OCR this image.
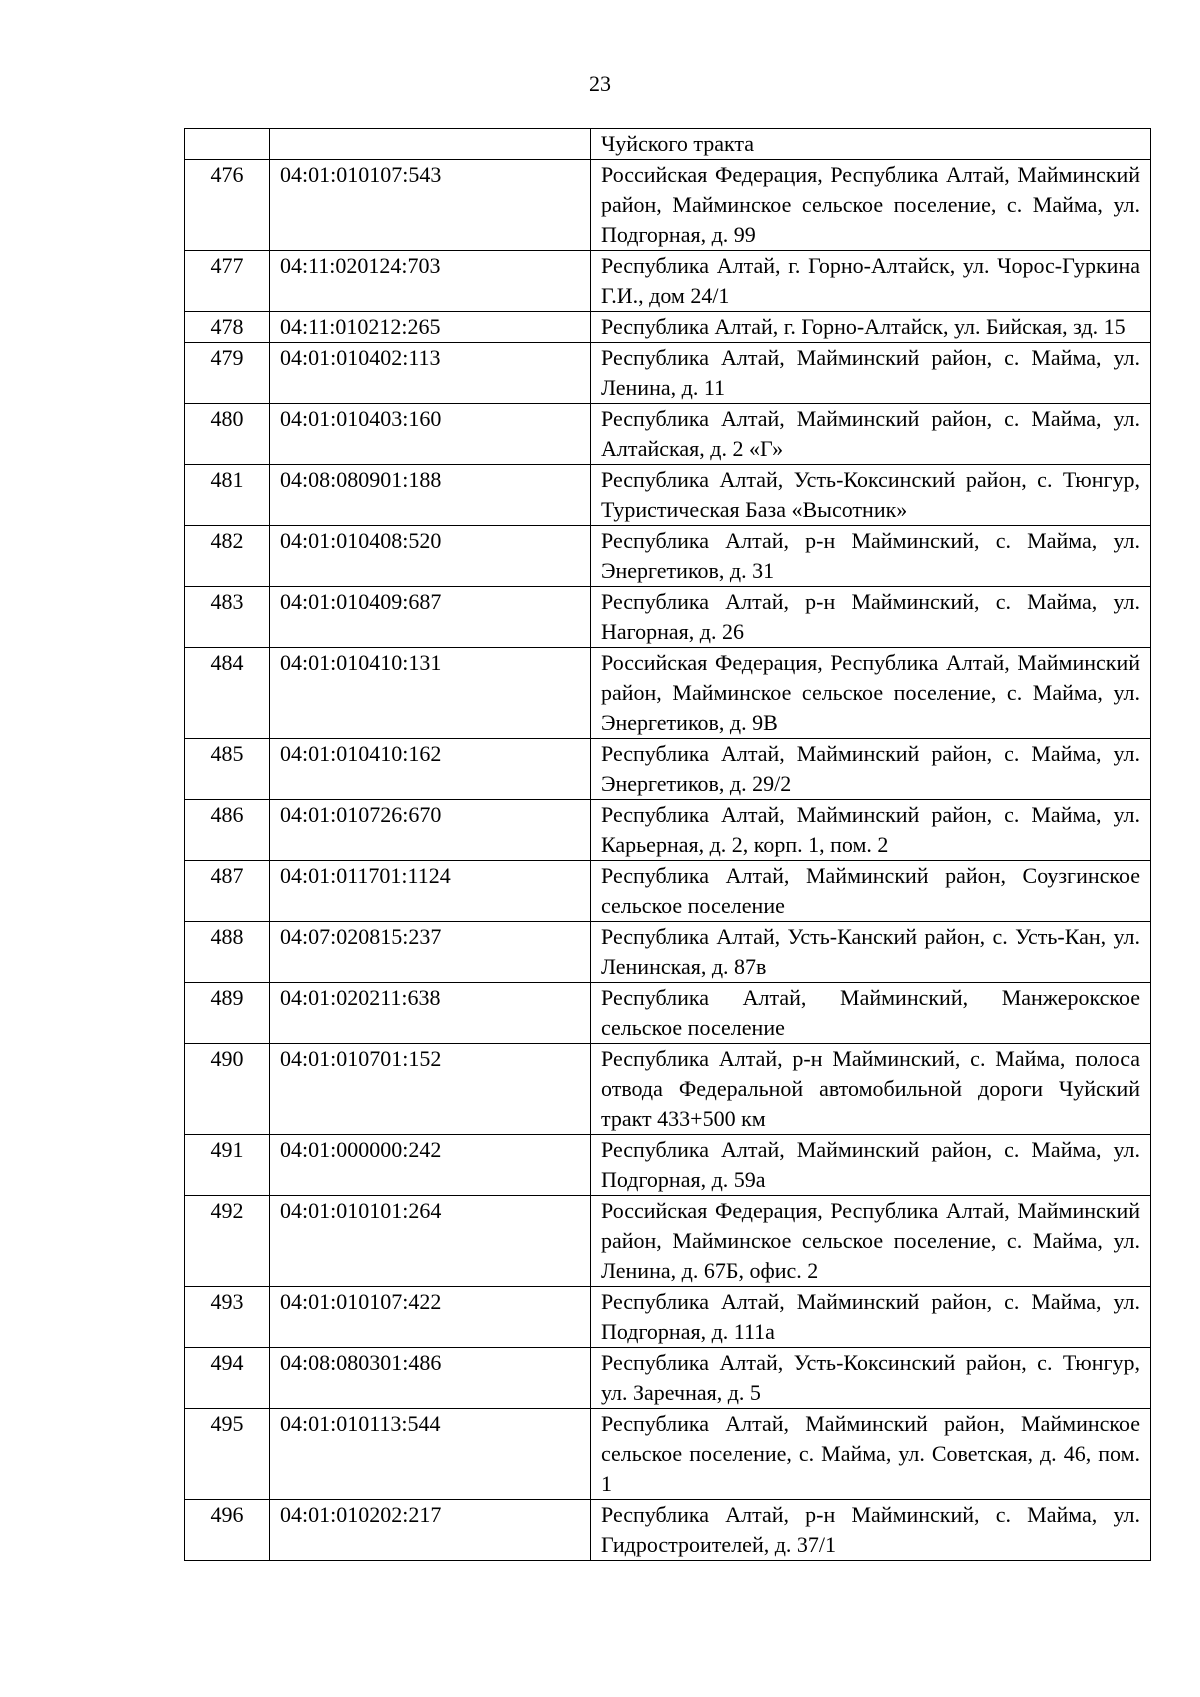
23
		Чуйского тракта
476	04:01:010107:543	Российская Федерация, Республика Алтай, Майминский район, Майминское сельское поселение, с. Майма, ул. Подгорная, д. 99
477	04:11:020124:703	Республика Алтай, г. Горно-Алтайск, ул. Чорос-Гуркина Г.И., дом 24/1
478	04:11:010212:265	Республика Алтай, г. Горно-Алтайск, ул. Бийская, зд. 15
479	04:01:010402:113	Республика Алтай, Майминский район, с. Майма, ул. Ленина, д. 11
480	04:01:010403:160	Республика Алтай, Майминский район, с. Майма, ул. Алтайская, д. 2 «Г»
481	04:08:080901:188	Республика Алтай, Усть-Коксинский район, с. Тюнгур, Туристическая База «Высотник»
482	04:01:010408:520	Республика Алтай, р-н Майминский, с. Майма, ул. Энергетиков, д. 31
483	04:01:010409:687	Республика Алтай, р-н Майминский, с. Майма, ул. Нагорная, д. 26
484	04:01:010410:131	Российская Федерация, Республика Алтай, Майминский район, Майминское сельское поселение, с. Майма, ул. Энергетиков, д. 9В
485	04:01:010410:162	Республика Алтай, Майминский район, с. Майма, ул. Энергетиков, д. 29/2
486	04:01:010726:670	Республика Алтай, Майминский район, с. Майма, ул. Карьерная, д. 2, корп. 1, пом. 2
487	04:01:011701:1124	Республика Алтай, Майминский район, Соузгинское сельское поселение
488	04:07:020815:237	Республика Алтай, Усть-Канский район, с. Усть-Кан, ул. Ленинская, д. 87в
489	04:01:020211:638	Республика Алтай, Майминский, Манжерокское сельское поселение
490	04:01:010701:152	Республика Алтай, р-н Майминский, с. Майма, полоса отвода Федеральной автомобильной дороги Чуйский тракт 433+500 км
491	04:01:000000:242	Республика Алтай, Майминский район, с. Майма, ул. Подгорная, д. 59а
492	04:01:010101:264	Российская Федерация, Республика Алтай, Майминский район, Майминское сельское поселение, с. Майма, ул. Ленина, д. 67Б, офис. 2
493	04:01:010107:422	Республика Алтай, Майминский район, с. Майма, ул. Подгорная, д. 111а
494	04:08:080301:486	Республика Алтай, Усть-Коксинский район, с. Тюнгур, ул. Заречная, д. 5
495	04:01:010113:544	Республика Алтай, Майминский район, Майминское сельское поселение, с. Майма, ул. Советская, д. 46, пом. 1
496	04:01:010202:217	Республика Алтай, р-н Майминский, с. Майма, ул. Гидростроителей, д. 37/1
